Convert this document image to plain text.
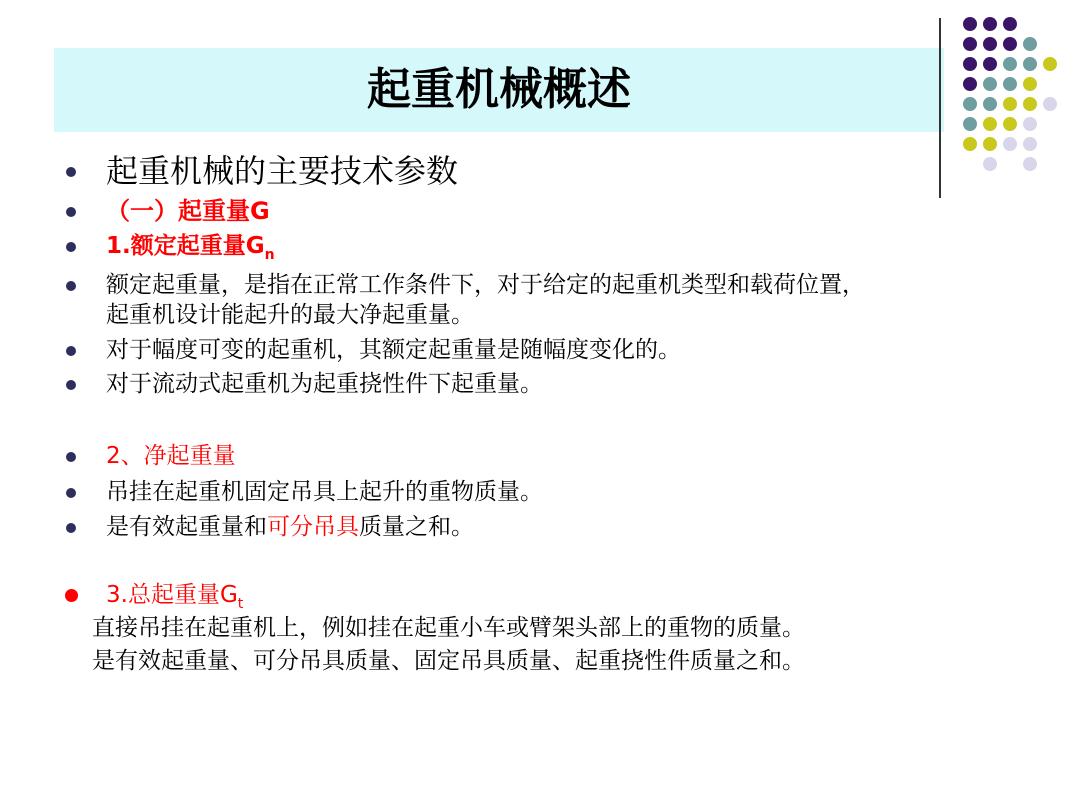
起重机械概述
起重机械的主要技术参数
（一）起重量G
1.额定起重量$G_n$
额定起重量，是指在正常工作条件下，对于给定的起重机类型和载荷位置，
起重机设计能起升的最大净起重量。
对于幅度可变的起重机，其额定起重量是随幅度变化的。
对于流动式起重机为起重挠性件下起重量。
2、净起重量
吊挂在起重机固定吊具上起升的重物质量。
是有效起重量和可分吊具质量之和。
3.总起重量$G_t$
直接吊挂在起重机上，例如挂在起重小车或臂架头部上的重物的质量。
是有效起重量、可分吊具质量、固定吊具质量、起重挠性件质量之和。
